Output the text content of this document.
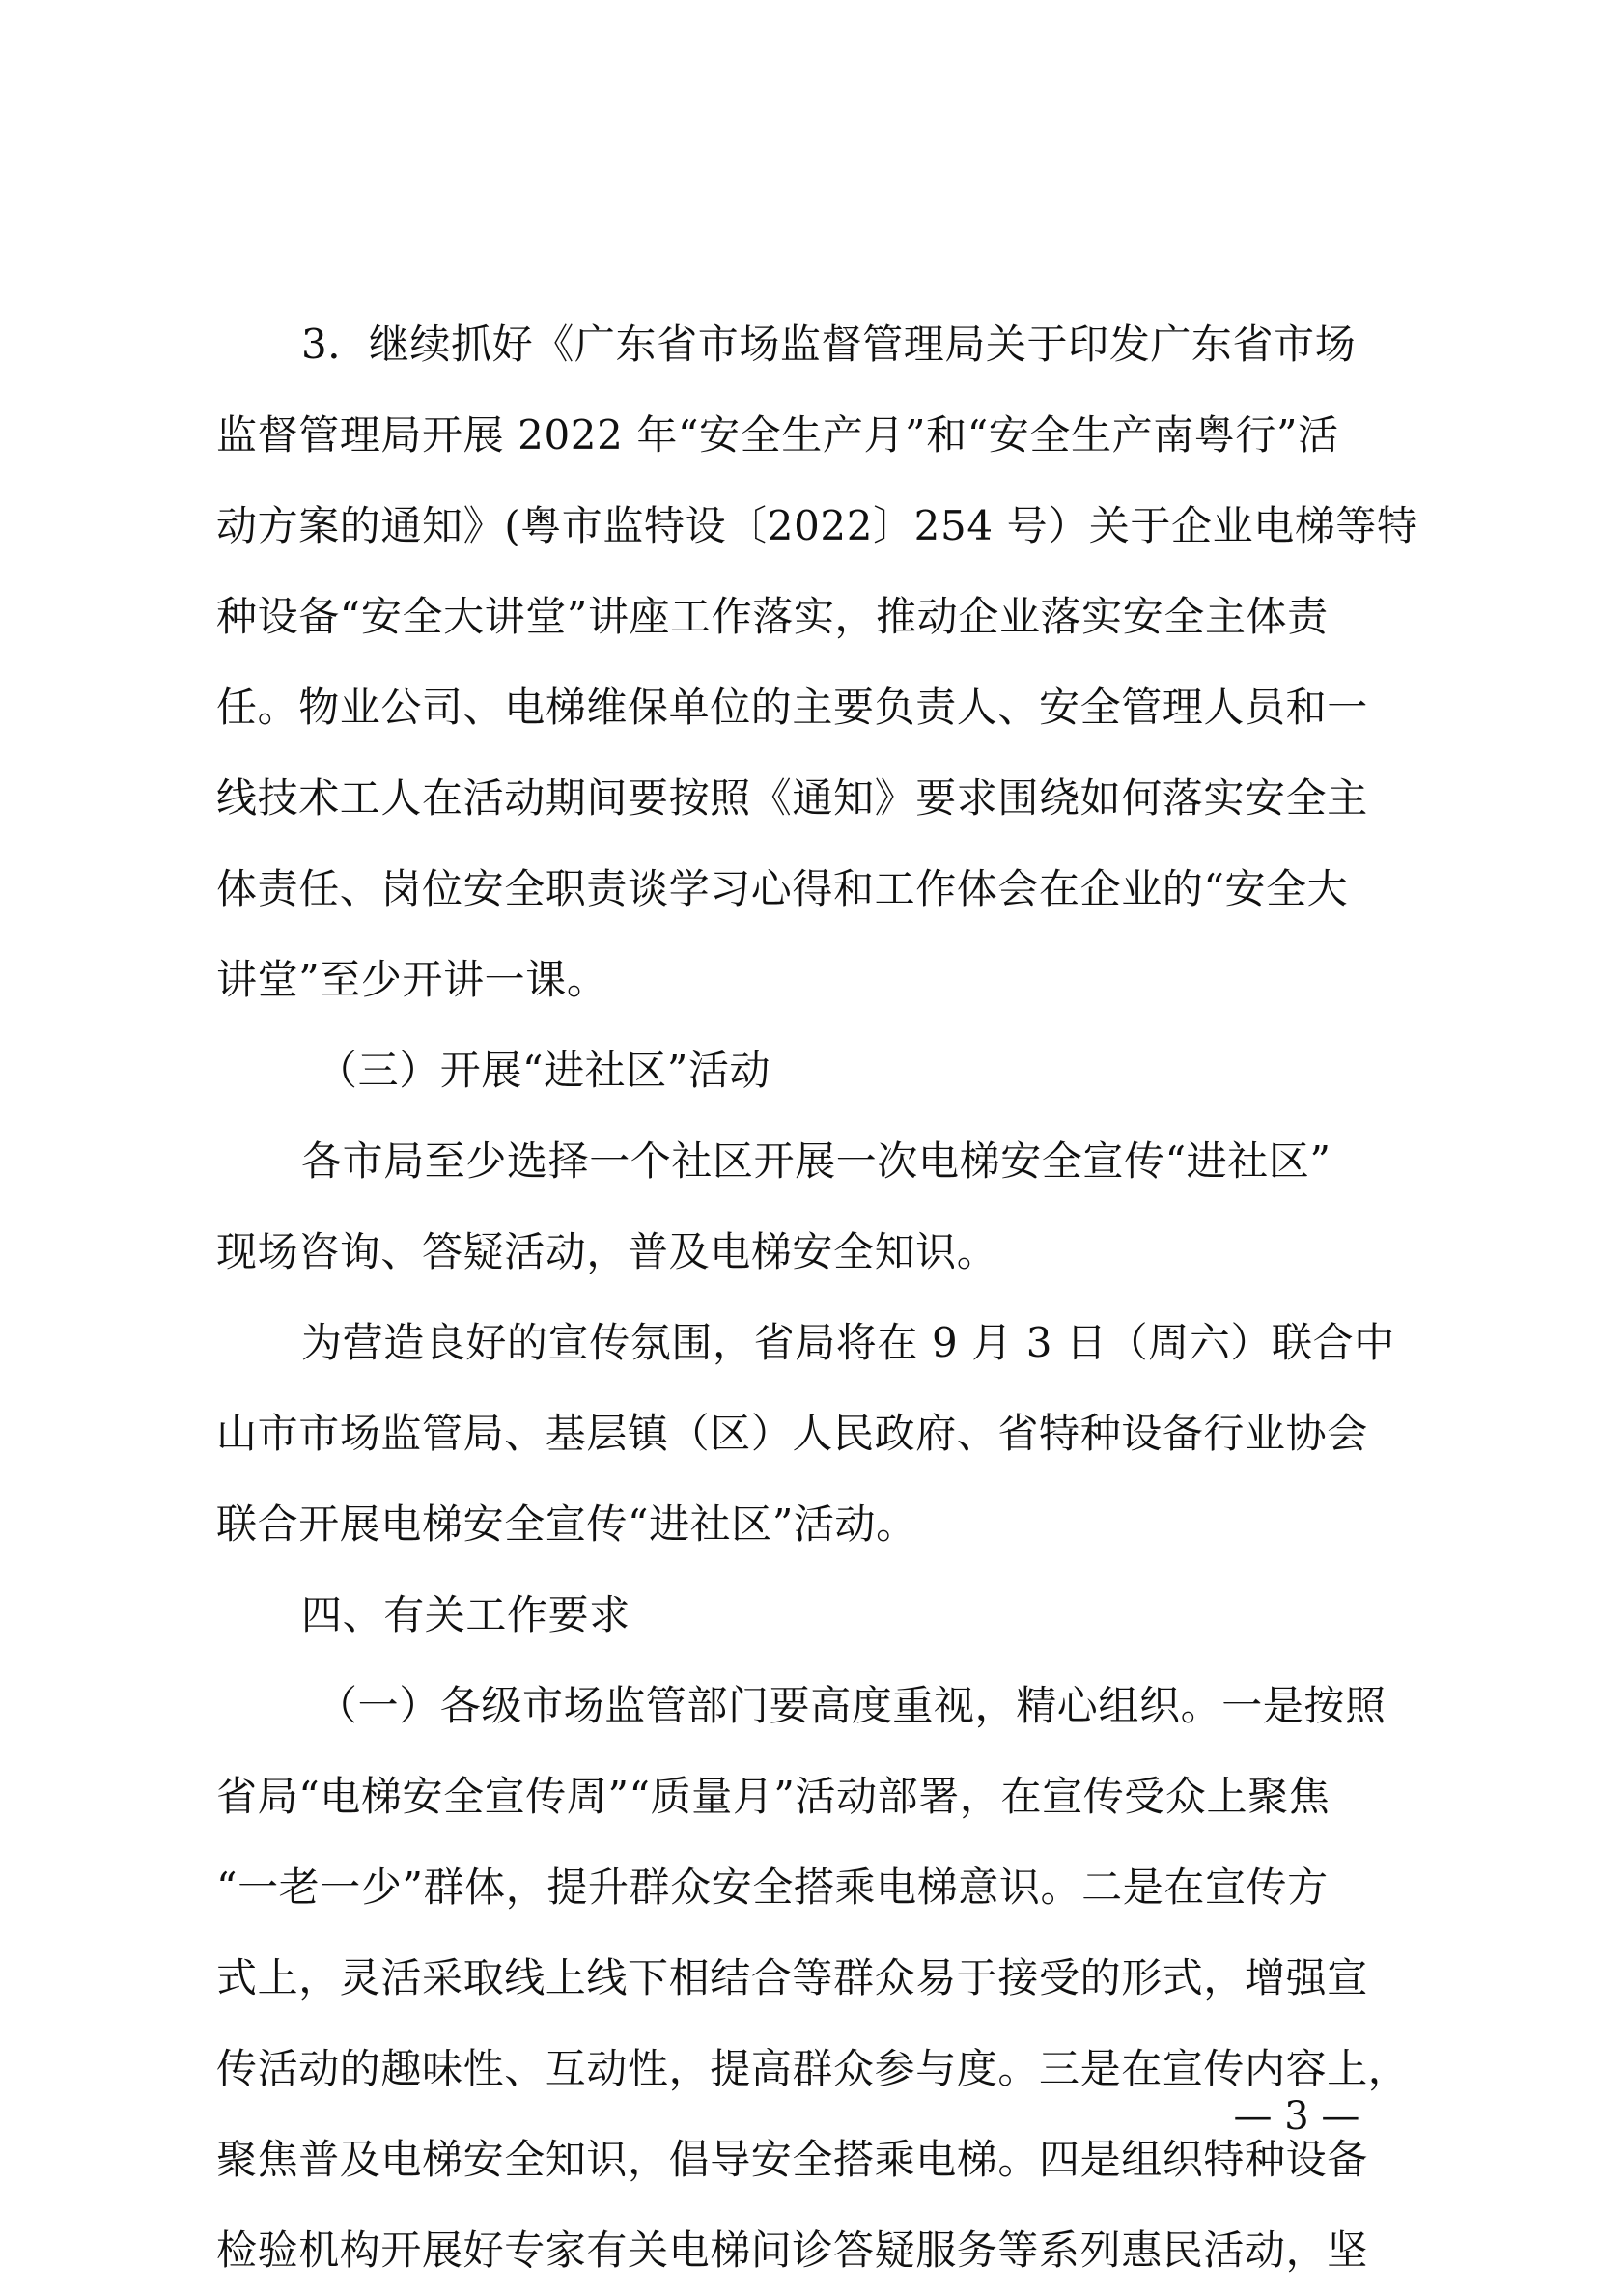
3．继续抓好《广东省市场监督管理局关于印发广东省市场
监督管理局开展 2022 年“安全生产月”和“安全生产南粤行”活
动方案的通知》(粤市监特设〔2022〕254 号）关于企业电梯等特
种设备“安全大讲堂”讲座工作落实，推动企业落实安全主体责
任。物业公司、电梯维保单位的主要负责人、安全管理人员和一
线技术工人在活动期间要按照《通知》要求围绕如何落实安全主
体责任、岗位安全职责谈学习心得和工作体会在企业的“安全大
讲堂”至少开讲一课。
（三）开展“进社区”活动
各市局至少选择一个社区开展一次电梯安全宣传“进社区”
现场咨询、答疑活动，普及电梯安全知识。
为营造良好的宣传氛围，省局将在 9 月 3 日（周六）联合中
山市市场监管局、基层镇（区）人民政府、省特种设备行业协会
联合开展电梯安全宣传“进社区”活动。
四、有关工作要求
（一）各级市场监管部门要高度重视，精心组织。一是按照
省局“电梯安全宣传周”“质量月”活动部署，在宣传受众上聚焦
“一老一少”群体，提升群众安全搭乘电梯意识。二是在宣传方
式上，灵活采取线上线下相结合等群众易于接受的形式，增强宣
传活动的趣味性、互动性，提高群众参与度。三是在宣传内容上，
聚焦普及电梯安全知识，倡导安全搭乘电梯。四是组织特种设备
检验机构开展好专家有关电梯问诊答疑服务等系列惠民活动，坚
— 3 —
